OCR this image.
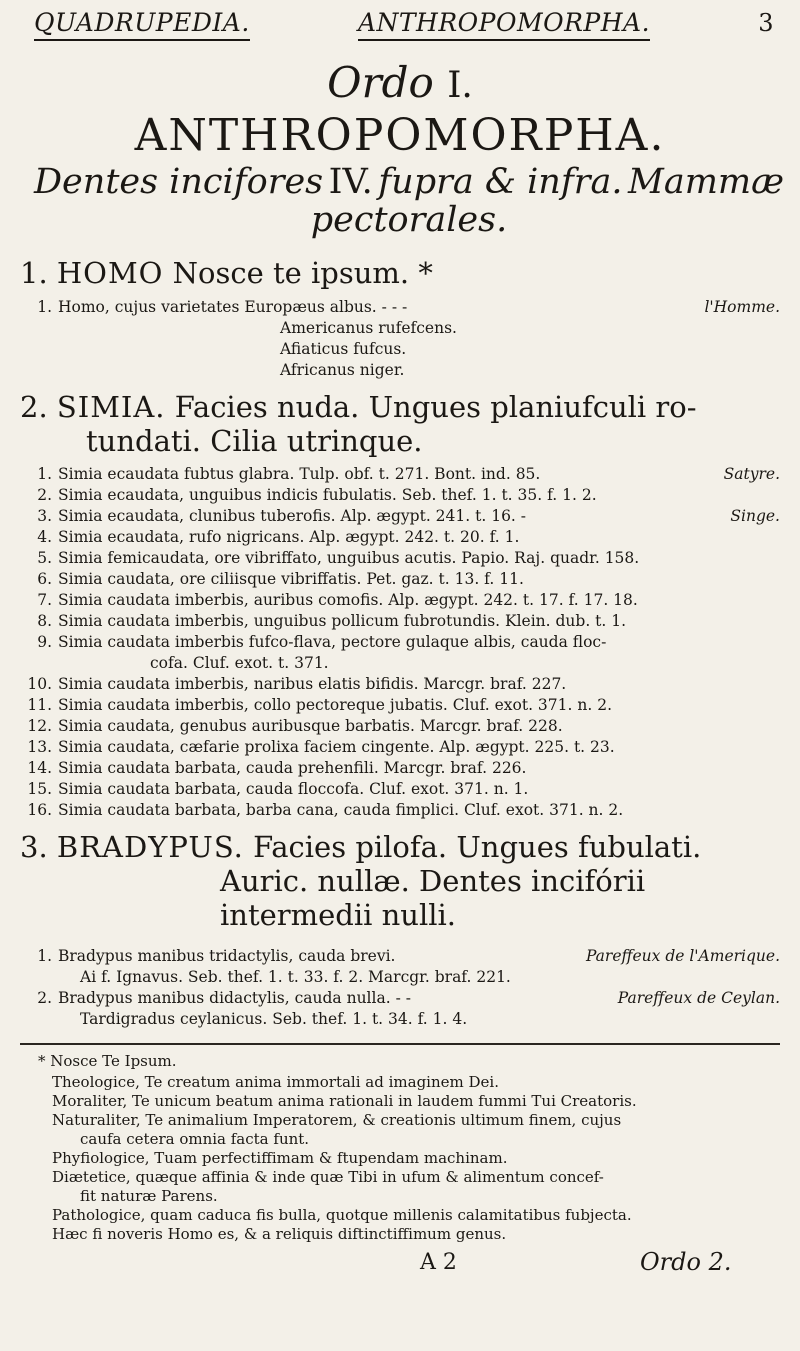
QUADRUPEDIA.	ANTHROPOMORPHA.	3
Ordo I.
ANTHROPOMORPHA.
Dentes incifores IV. fupra & infra. Mammæ
pectorales.
1. HOMO Nosce te ipsum. *
1. Homo, cujus varietates Europæus albus. - - -	l'Homme.
Americanus rufefcens.
Afiaticus fufcus.
Africanus niger.
2. SIMIA. Facies nuda. Ungues planiufculi ro-
tundati. Cilia utrinque.
1. Simia ecaudata fubtus glabra. Tulp. obf. t. 271. Bont. ind. 85.	Satyre.
2. Simia ecaudata, unguibus indicis fubulatis. Seb. thef. 1. t. 35. f. 1. 2.
3. Simia ecaudata, clunibus tuberofis. Alp. ægypt. 241. t. 16. -	Singe.
4. Simia ecaudata, rufo nigricans. Alp. ægypt. 242. t. 20. f. 1.
5. Simia femicaudata, ore vibriffato, unguibus acutis. Papio. Raj. quadr. 158.
6. Simia caudata, ore ciliisque vibriffatis. Pet. gaz. t. 13. f. 11.
7. Simia caudata imberbis, auribus comofis. Alp. ægypt. 242. t. 17. f. 17. 18.
8. Simia caudata imberbis, unguibus pollicum fubrotundis. Klein. dub. t. 1.
9. Simia caudata imberbis fufco-flava, pectore gulaque albis, cauda floc-
cofa. Cluf. exot. t. 371.
10. Simia caudata imberbis, naribus elatis bifidis. Marcgr. braf. 227.
11. Simia caudata imberbis, collo pectoreque jubatis. Cluf. exot. 371. n. 2.
12. Simia caudata, genubus auribusque barbatis. Marcgr. braf. 228.
13. Simia caudata, cæfarie prolixa faciem cingente. Alp. ægypt. 225. t. 23.
14. Simia caudata barbata, cauda prehenfili. Marcgr. braf. 226.
15. Simia caudata barbata, cauda floccofa. Cluf. exot. 371. n. 1.
16. Simia caudata barbata, barba cana, cauda fimplici. Cluf. exot. 371. n. 2.
3. BRADYPUS. Facies pilofa. Ungues fubulati.
Auric. nullæ. Dentes incifórii
intermedii nulli.
1. Bradypus manibus tridactylis, cauda brevi.	Pareffeux de l'Amerique.
Ai f. Ignavus. Seb. thef. 1. t. 33. f. 2. Marcgr. braf. 221.
2. Bradypus manibus didactylis, cauda nulla. - -	Pareffeux de Ceylan.
Tardigradus ceylanicus. Seb. thef. 1. t. 34. f. 1. 4.
* Nosce Te Ipsum.
Theologice, Te creatum anima immortali ad imaginem Dei.
Moraliter, Te unicum beatum anima rationali in laudem fummi Tui Creatoris.
Naturaliter, Te animalium Imperatorem, & creationis ultimum finem, cujus
caufa cetera omnia facta funt.
Phyfiologice, Tuam perfectiffimam & ftupendam machinam.
Diætetice, quæque affinia & inde quæ Tibi in ufum & alimentum concef-
fit naturæ Parens.
Pathologice, quam caduca fis bulla, quotque millenis calamitatibus fubjecta.
Hæc fi noveris Homo es, & a reliquis diftinctiffimum genus.
A 2	Ordo 2.
